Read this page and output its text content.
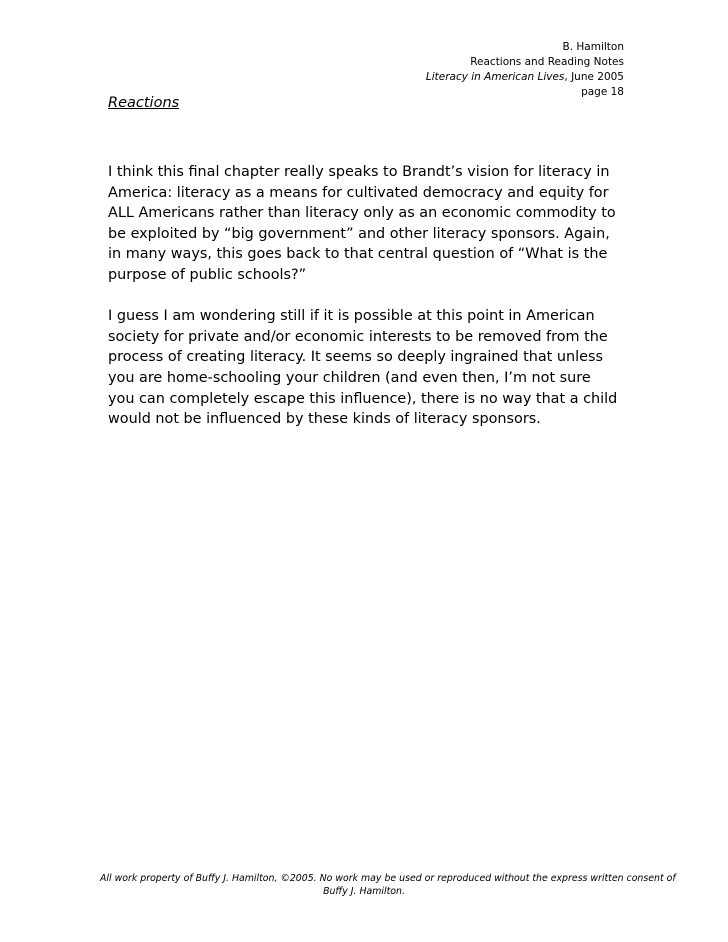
B. Hamilton
Reactions and Reading Notes
Literacy in American Lives, June 2005
page 18
Reactions

I think this final chapter really speaks to Brandt’s vision for literacy in
America: literacy as a means for cultivated democracy and equity for
ALL Americans rather than literacy only as an economic commodity to
be exploited by “big government” and other literacy sponsors. Again,
in many ways, this goes back to that central question of “What is the
purpose of public schools?”

I guess I am wondering still if it is possible at this point in American
society for private and/or economic interests to be removed from the
process of creating literacy. It seems so deeply ingrained that unless
you are home-schooling your children (and even then, I’m not sure
you can completely escape this influence), there is no way that a child
would not be influenced by these kinds of literacy sponsors.

All work property of Buffy J. Hamilton, ©2005. No work may be used or reproduced without the express written consent of
Buffy J. Hamilton.
